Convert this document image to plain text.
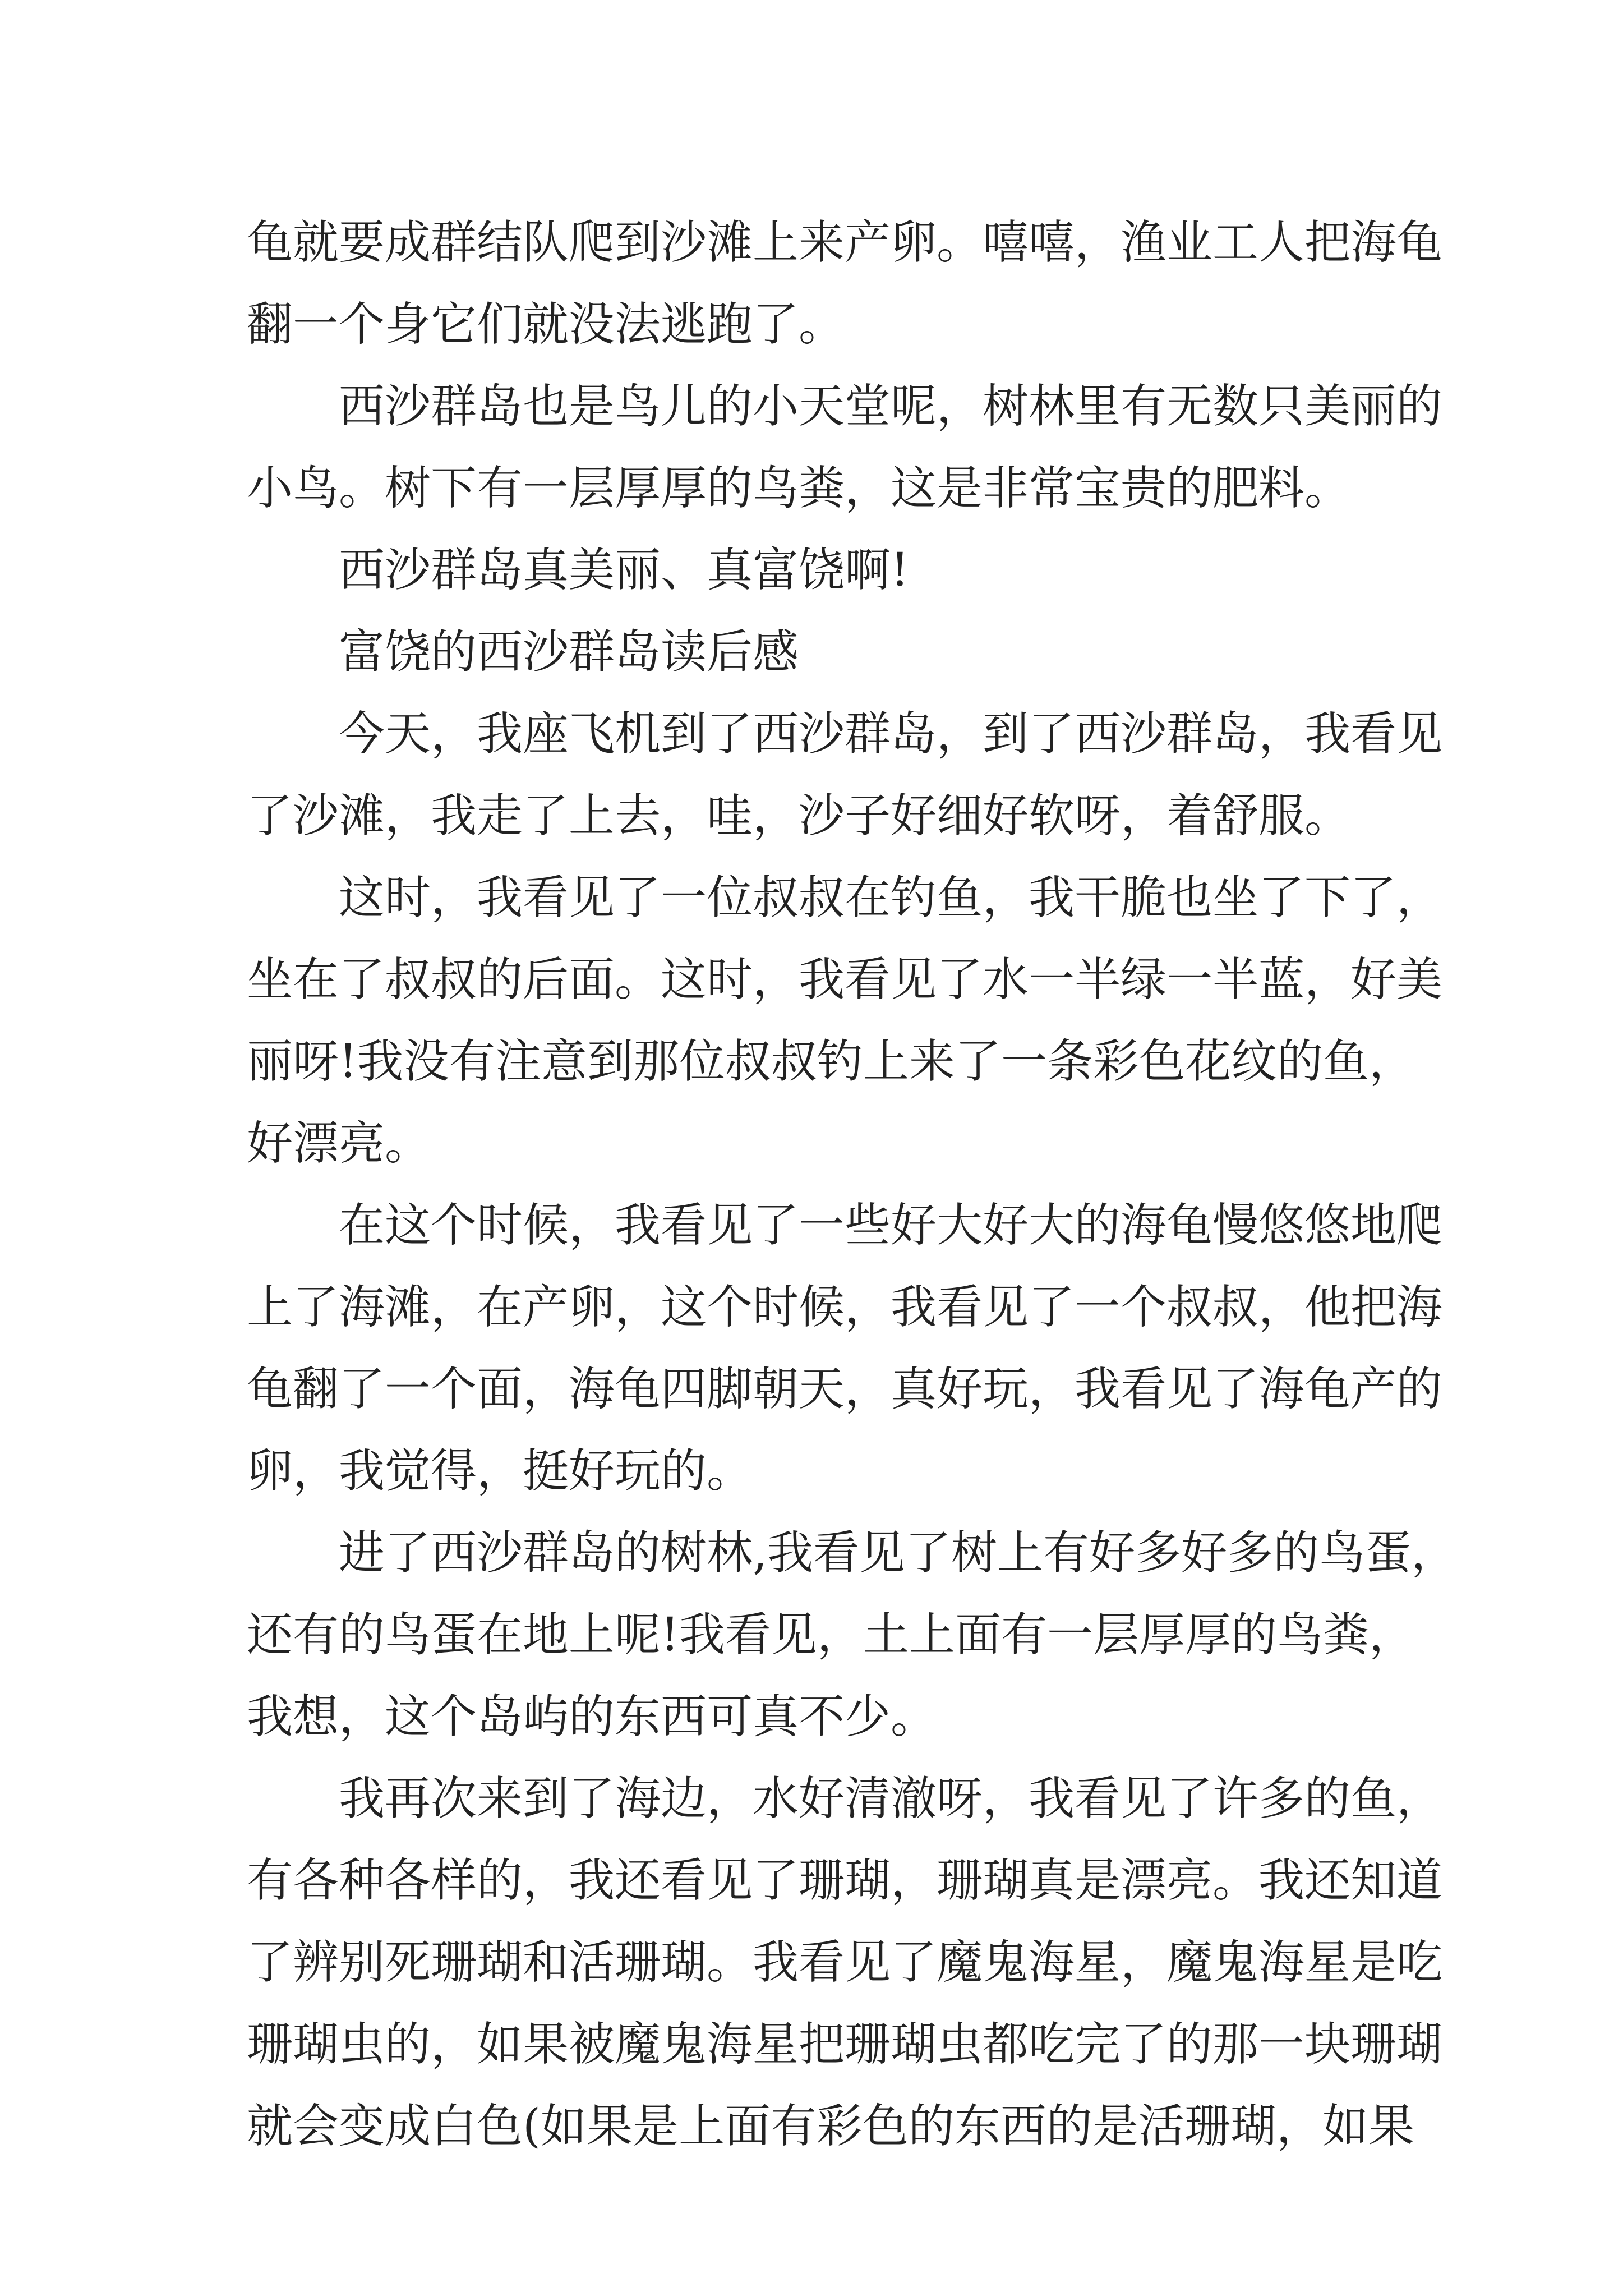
龟就要成群结队爬到沙滩上来产卵。嘻嘻，渔业工人把海龟
翻一个身它们就没法逃跑了。
西沙群岛也是鸟儿的小天堂呢，树林里有无数只美丽的
小鸟。树下有一层厚厚的鸟粪，这是非常宝贵的肥料。
西沙群岛真美丽、真富饶啊!
富饶的西沙群岛读后感
今天，我座飞机到了西沙群岛，到了西沙群岛，我看见
了沙滩，我走了上去，哇，沙子好细好软呀，着舒服。
这时，我看见了一位叔叔在钓鱼，我干脆也坐了下了，
坐在了叔叔的后面。这时，我看见了水一半绿一半蓝，好美
丽呀!我没有注意到那位叔叔钓上来了一条彩色花纹的鱼，
好漂亮。
在这个时候，我看见了一些好大好大的海龟慢悠悠地爬
上了海滩，在产卵，这个时候，我看见了一个叔叔，他把海
龟翻了一个面，海龟四脚朝天，真好玩，我看见了海龟产的
卵，我觉得，挺好玩的。
进了西沙群岛的树林,我看见了树上有好多好多的鸟蛋，
还有的鸟蛋在地上呢!我看见，土上面有一层厚厚的鸟粪，
我想，这个岛屿的东西可真不少。
我再次来到了海边，水好清澈呀，我看见了许多的鱼，
有各种各样的，我还看见了珊瑚，珊瑚真是漂亮。我还知道
了辨别死珊瑚和活珊瑚。我看见了魔鬼海星，魔鬼海星是吃
珊瑚虫的，如果被魔鬼海星把珊瑚虫都吃完了的那一块珊瑚
就会变成白色(如果是上面有彩色的东西的是活珊瑚，如果
